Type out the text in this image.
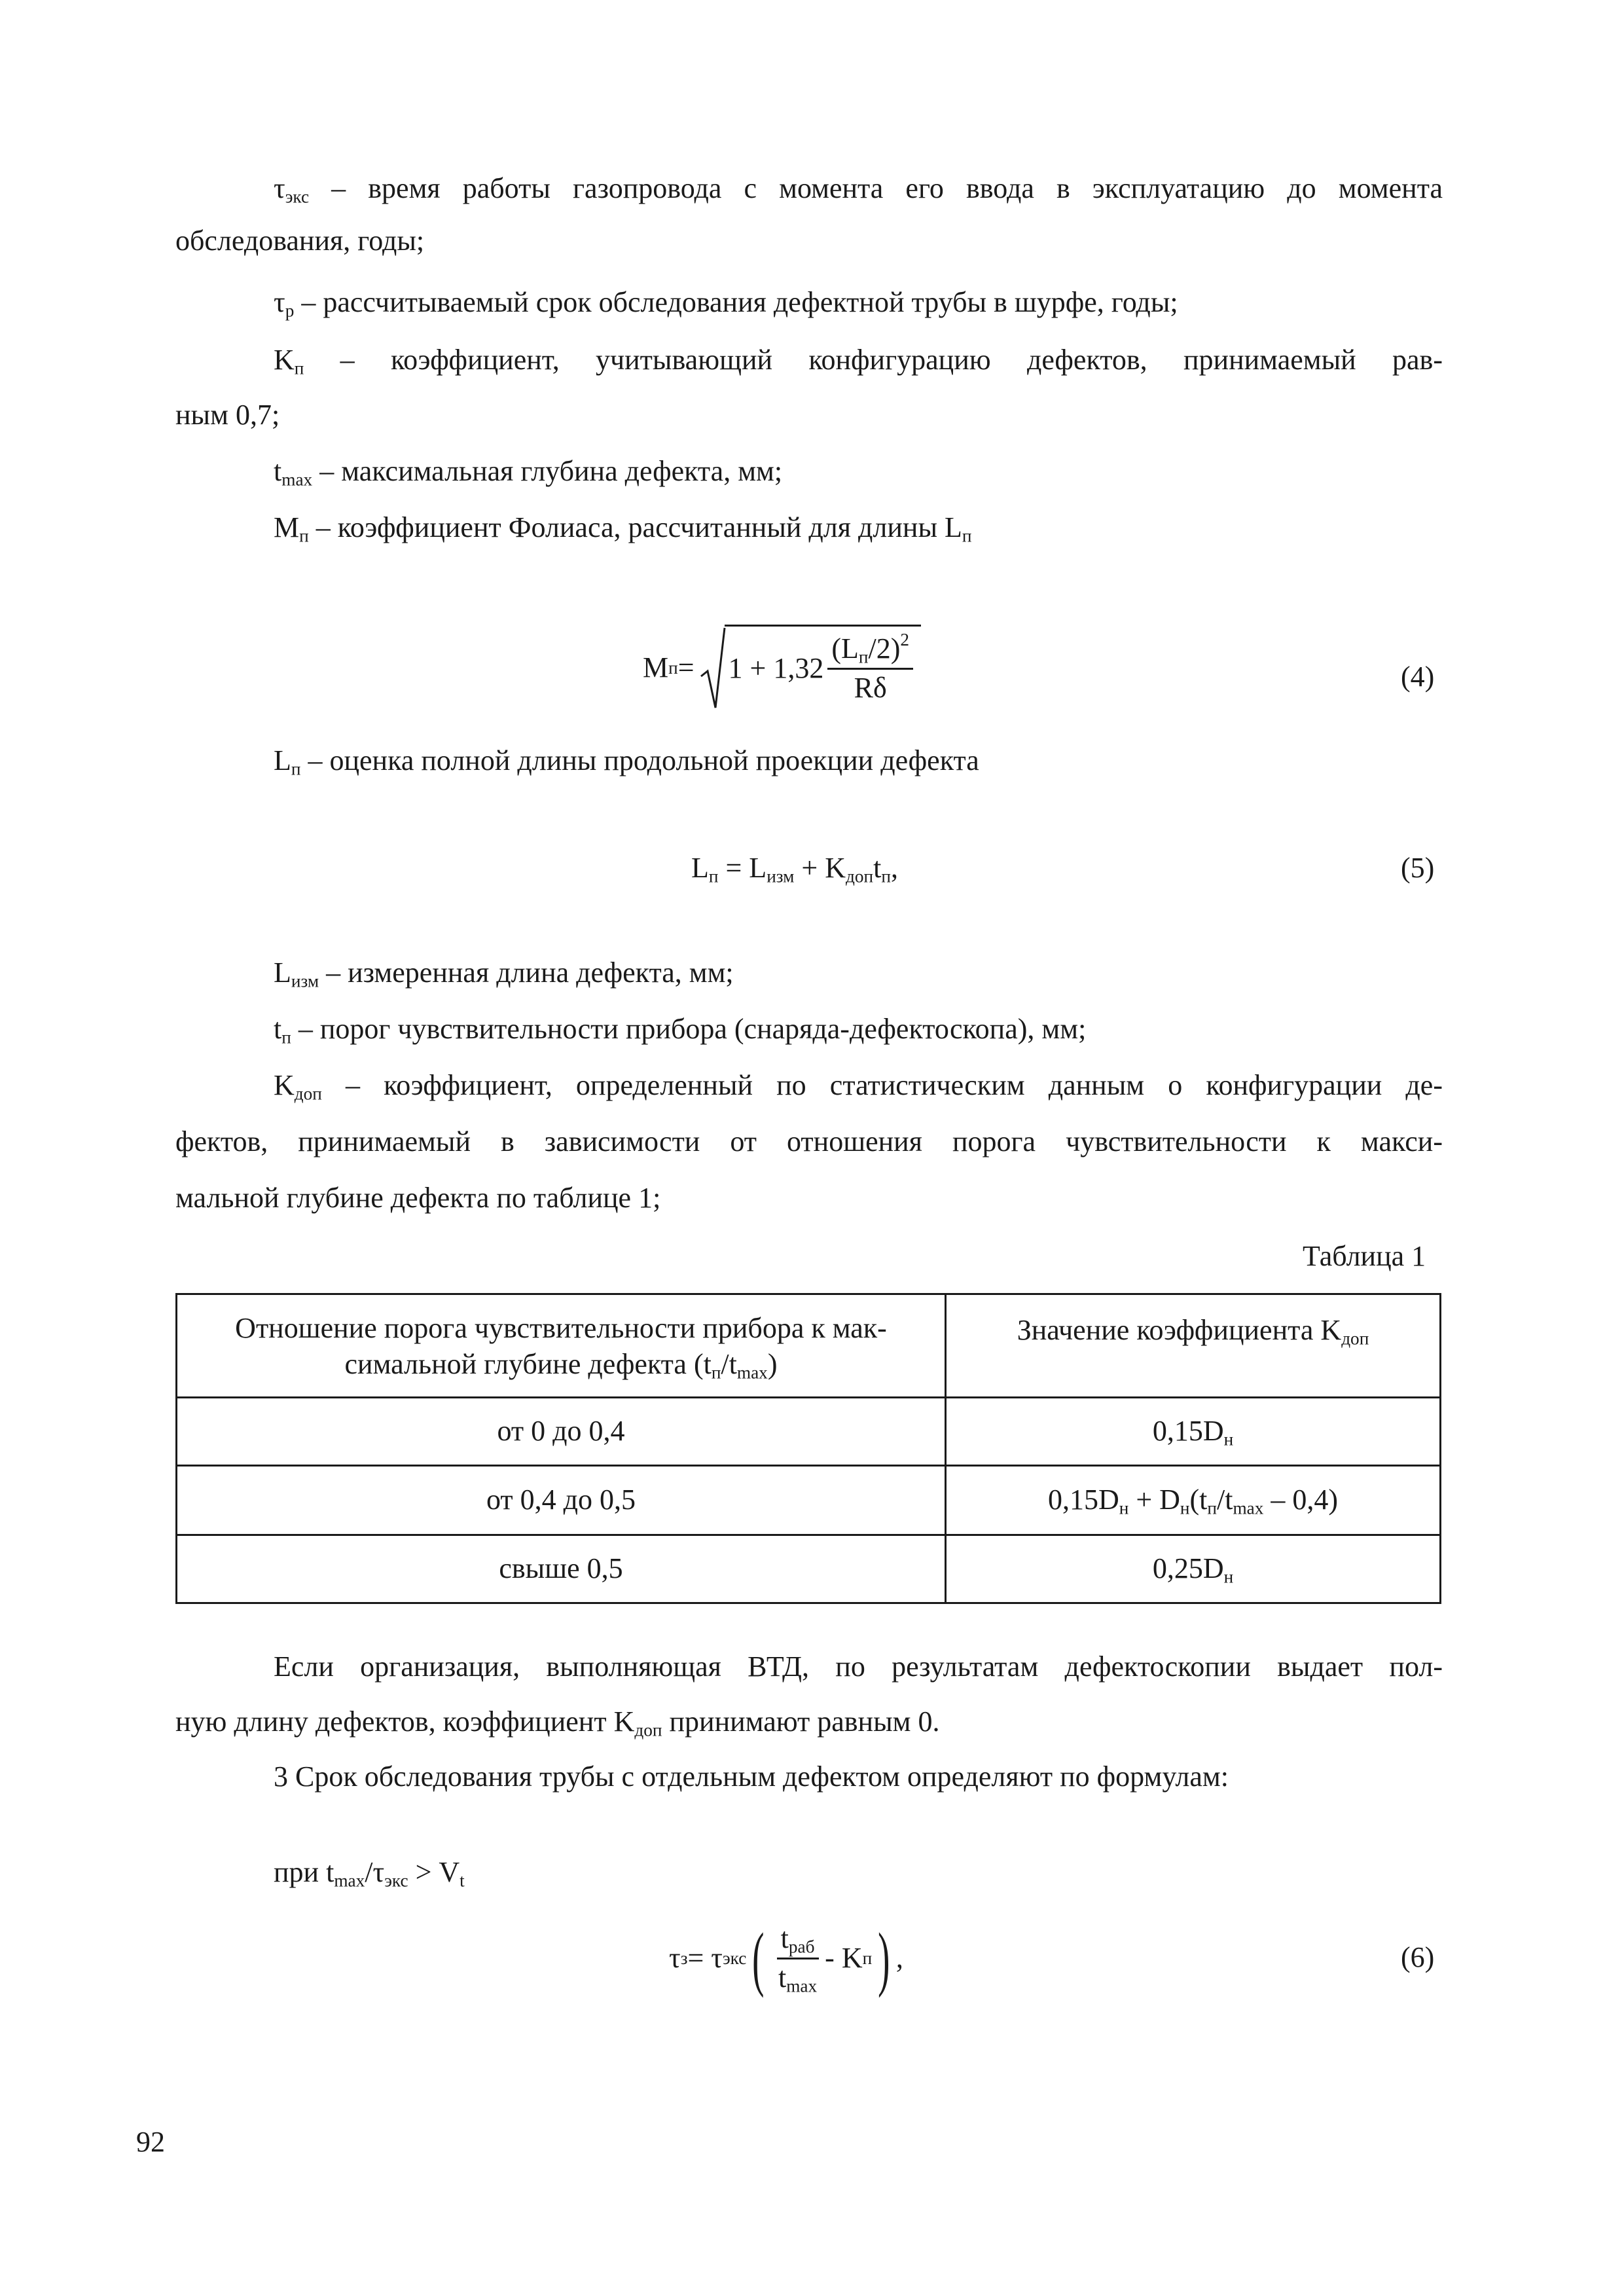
$\tau_{экс}$ – время работы газопровода с момента его ввода в эксплуатацию до момента
обследования, годы;
$\tau_р$ – рассчитываемый срок обследования дефектной трубы в шурфе, годы;
$K_п$ – коэффициент, учитывающий конфигурацию дефектов, принимаемый рав-
ным 0,7;
$t_{max}$ – максимальная глубина дефекта, мм;
$M_п$ – коэффициент Фолиаса, рассчитанный для длины $L_п$
M $п = 1 + 1,32 \frac{(L_п/2)^2}{R\delta}$	(4)
$L_п$ – оценка полной длины продольной проекции дефекта
$L_п = L_{изм} + K_{доп}t_п$,	(5)
$L_{изм}$ – измеренная длина дефекта, мм;
$t_п$ – порог чувствительности прибора (снаряда-дефектоскопа), мм;
$K_{доп}$ – коэффициент, определенный по статистическим данным о конфигурации де-
фектов, принимаемый в зависимости от отношения порога чувствительности к макси-
мальной глубине дефекта по таблице 1;
Таблица 1
Отношение порога чувствительности прибора к мак-
симальной глубине дефекта $(t_п/t_{max})$	Значение коэффициента $K_{доп}$
от 0 до 0,4	$0,15D_н$
от 0,4 до 0,5	$0,15D_н + D_н(t_п/t_{max} - 0,4)$
свыше 0,5	$0,25D_н$
Если организация, выполняющая ВТД, по результатам дефектоскопии выдает пол-
ную длину дефектов, коэффициент $K_{доп}$ принимают равным 0.
3 Срок обследования трубы с отдельным дефектом определяют по формулам:
при $t_{max}/\tau_{экс} > V_t$
τ з = τ экс ( $\frac{t_{раб}}{t_{max}}$ - K п ) ,	(6)
92
